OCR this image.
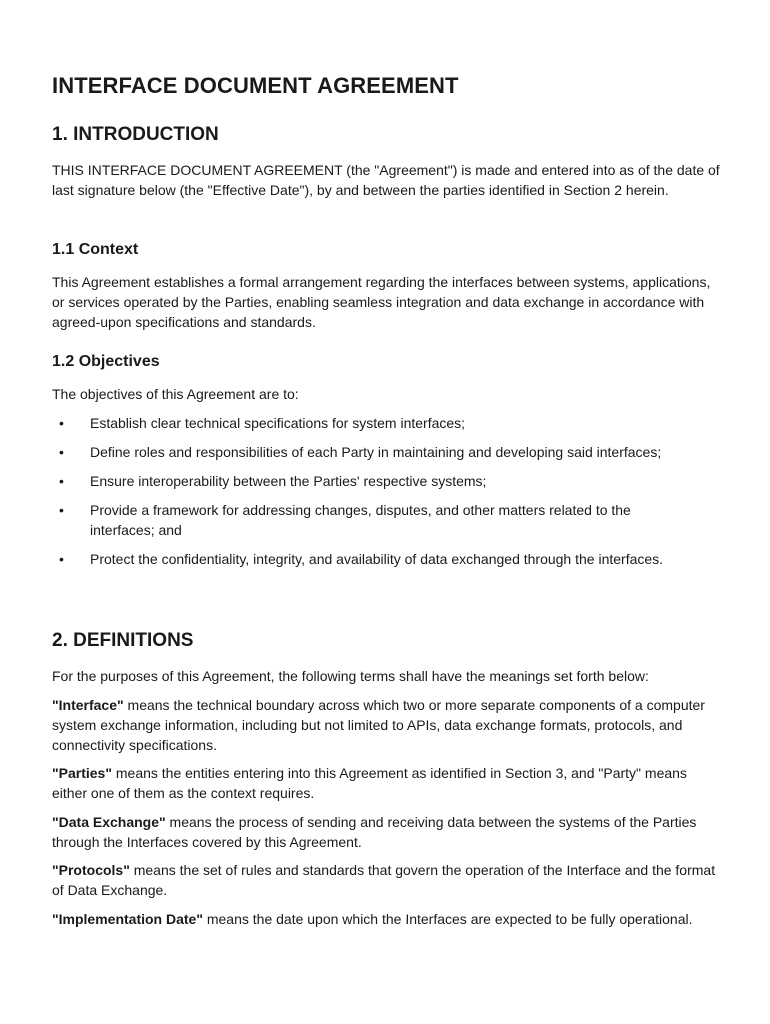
INTERFACE DOCUMENT AGREEMENT
1. INTRODUCTION

THIS INTERFACE DOCUMENT AGREEMENT (the "Agreement") is made and entered into as of the date of last signature below (the "Effective Date"), by and between the parties identified in Section 2 herein.

1.1 Context

This Agreement establishes a formal arrangement regarding the interfaces between systems, applications, or services operated by the Parties, enabling seamless integration and data exchange in accordance with agreed-upon specifications and standards.

1.2 Objectives

The objectives of this Agreement are to:

• Establish clear technical specifications for system interfaces;
• Define roles and responsibilities of each Party in maintaining and developing said interfaces;
• Ensure interoperability between the Parties' respective systems;
• Provide a framework for addressing changes, disputes, and other matters related to the interfaces; and
• Protect the confidentiality, integrity, and availability of data exchanged through the interfaces.
2. DEFINITIONS

For the purposes of this Agreement, the following terms shall have the meanings set forth below:

"Interface" means the technical boundary across which two or more separate components of a computer system exchange information, including but not limited to APIs, data exchange formats, protocols, and connectivity specifications.

"Parties" means the entities entering into this Agreement as identified in Section 3, and "Party" means either one of them as the context requires.

"Data Exchange" means the process of sending and receiving data between the systems of the Parties through the Interfaces covered by this Agreement.

"Protocols" means the set of rules and standards that govern the operation of the Interface and the format of Data Exchange.

"Implementation Date" means the date upon which the Interfaces are expected to be fully operational.
